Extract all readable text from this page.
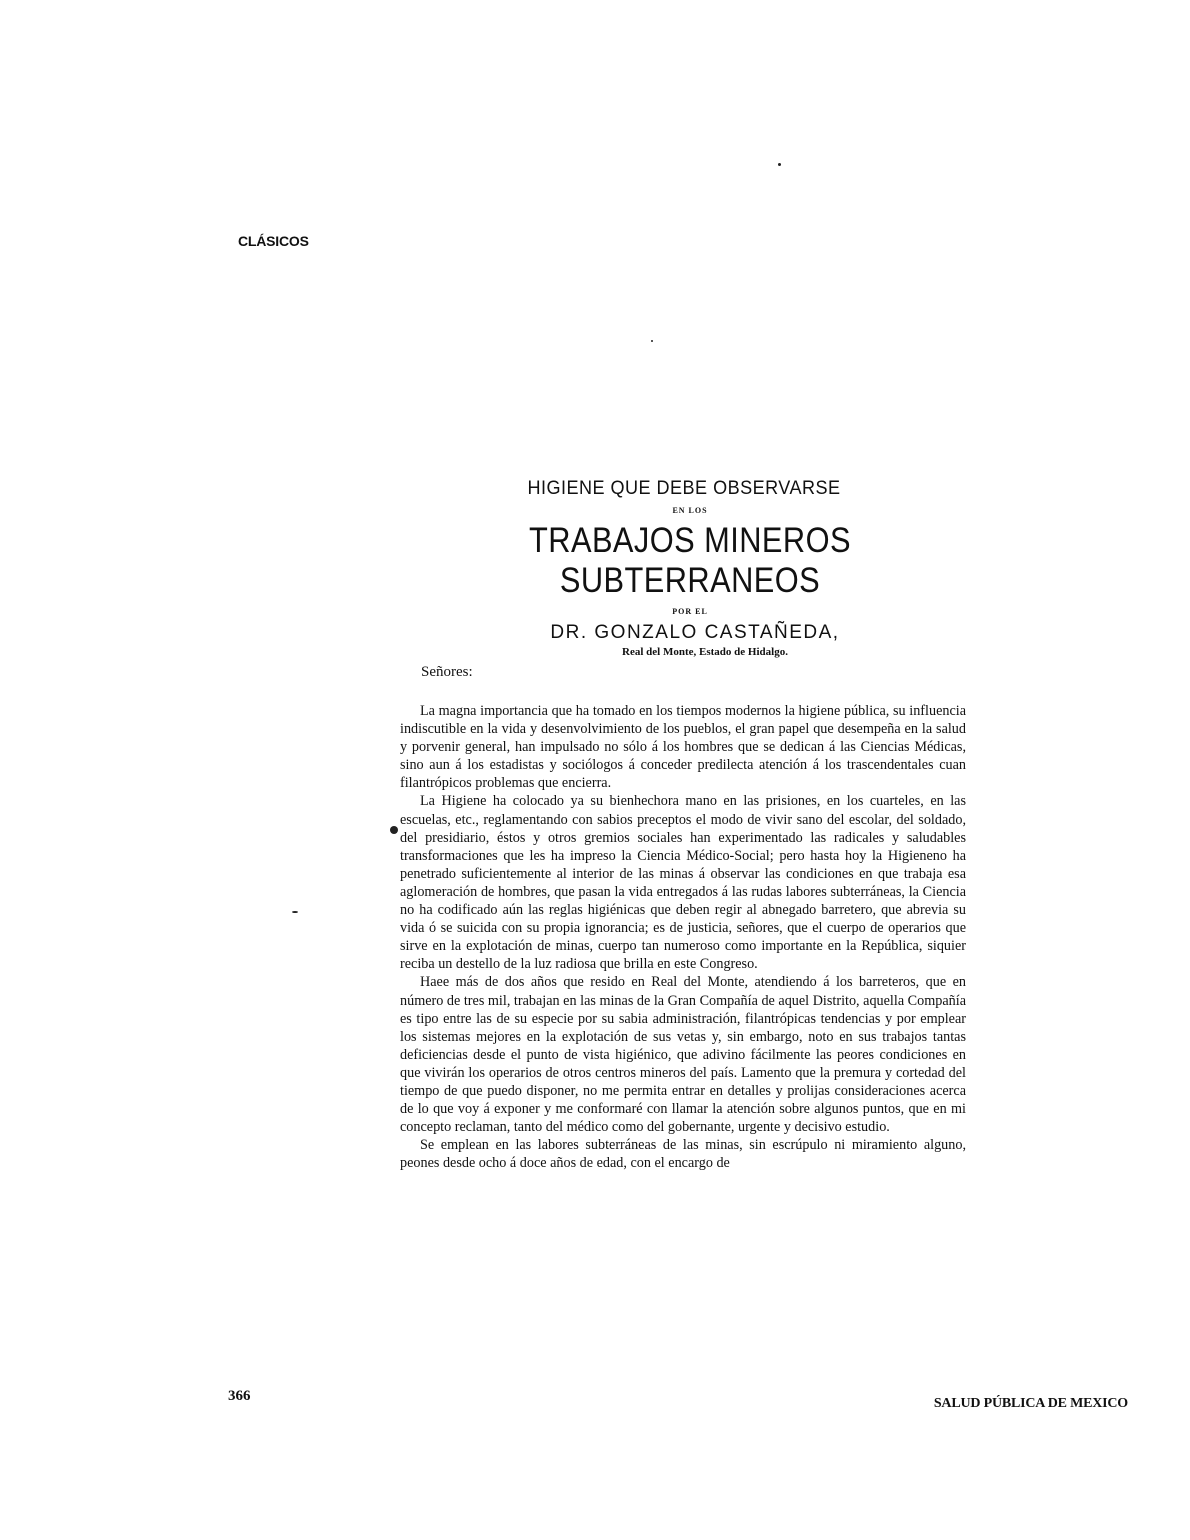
CLÁSICOS
HIGIENE QUE DEBE OBSERVARSE
EN LOS
TRABAJOS MINEROS SUBTERRANEOS
POR EL
DR. GONZALO CASTAÑEDA,
Real del Monte, Estado de Hidalgo.
Señores:

La magna importancia que ha tomado en los tiempos modernos la higiene pública, su influencia indiscutible en la vida y desenvolvimiento de los pueblos, el gran papel que desempeña en la salud y porvenir general, han impulsado no sólo á los hombres que se dedican á las Ciencias Médicas, sino aun á los estadistas y sociólogos á conceder predilecta atención á los trascendentales cuan filantrópicos problemas que encierra.

La Higiene ha colocado ya su bienhechora mano en las prisiones, en los cuarteles, en las escuelas, etc., reglamentando con sabios preceptos el modo de vivir sano del escolar, del soldado, del presidiario, éstos y otros gremios sociales han experimentado las radicales y saludables transformaciones que les ha impreso la Ciencia Médico-Social; pero hasta hoy la Higieneno ha penetrado suficientemente al interior de las minas á observar las condiciones en que trabaja esa aglomeración de hombres, que pasan la vida entregados á las rudas labores subterráneas, la Ciencia no ha codificado aún las reglas higiénicas que deben regir al abnegado barretero, que abrevia su vida ó se suicida con su propia ignorancia; es de justicia, señores, que el cuerpo de operarios que sirve en la explotación de minas, cuerpo tan numeroso como importante en la República, siquier reciba un destello de la luz radiosa que brilla en este Congreso.

Haee más de dos años que resido en Real del Monte, atendiendo á los barreteros, que en número de tres mil, trabajan en las minas de la Gran Compañía de aquel Distrito, aquella Compañía es tipo entre las de su especie por su sabia administración, filantrópicas tendencias y por emplear los sistemas mejores en la explotación de sus vetas y, sin embargo, noto en sus trabajos tantas deficiencias desde el punto de vista higiénico, que adivino fácilmente las peores condiciones en que vivirán los operarios de otros centros mineros del país. Lamento que la premura y cortedad del tiempo de que puedo disponer, no me permita entrar en detalles y prolijas consideraciones acerca de lo que voy á exponer y me conformaré con llamar la atención sobre algunos puntos, que en mi concepto reclaman, tanto del médico como del gobernante, urgente y decisivo estudio.

Se emplean en las labores subterráneas de las minas, sin escrúpulo ni miramiento alguno, peones desde ocho á doce años de edad, con el encargo de

366	SALUD PÚBLICA DE MEXICO
